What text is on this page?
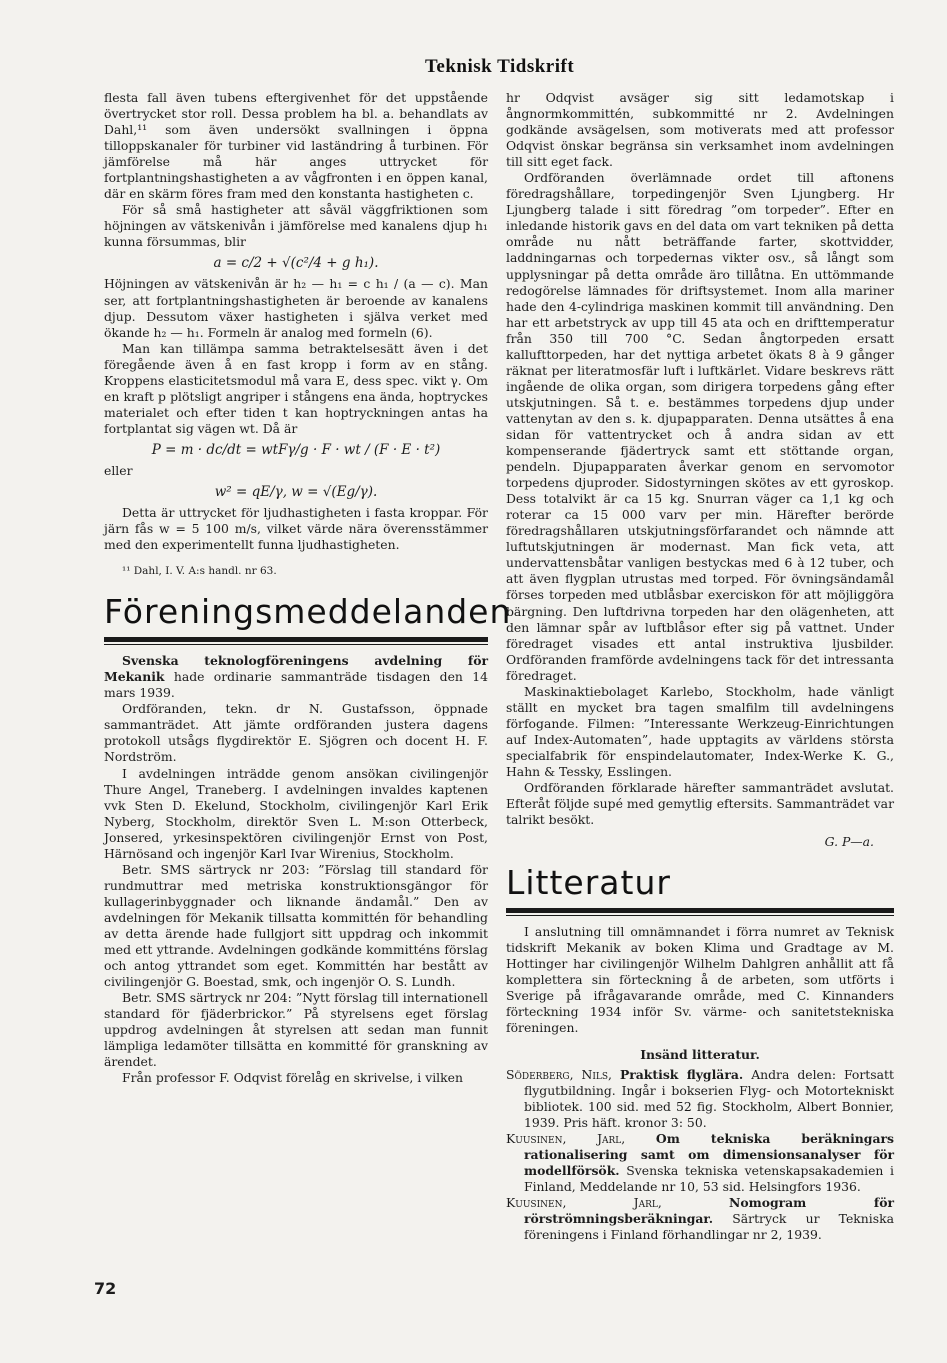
Teknisk Tidskrift

flesta fall även tubens eftergivenhet för det uppstående övertrycket stor roll. Dessa problem ha bl. a. behandlats av Dahl,¹¹ som även undersökt svallningen i öppna tilloppskanaler för turbiner vid laständring å turbinen. För jämförelse må här anges uttrycket för fortplantningshastigheten a av vågfronten i en öppen kanal, där en skärm föres fram med den konstanta hastigheten c.

För så små hastigheter att såväl väggfriktionen som höjningen av vätskenivån i jämförelse med kanalens djup h₁ kunna försummas, blir

a = c/2 + √(c²/4 + g h₁).

Höjningen av vätskenivån är h₂ — h₁ = c h₁ / (a — c). Man ser, att fortplantningshastigheten är beroende av kanalens djup. Dessutom växer hastigheten i själva verket med ökande h₂ — h₁. Formeln är analog med formeln (6).

Man kan tillämpa samma betraktelsesätt även i det föregående även å en fast kropp i form av en stång. Kroppens elasticitetsmodul må vara E, dess spec. vikt γ. Om en kraft p plötsligt angriper i stångens ena ända, hoptryckes materialet och efter tiden t kan hoptryckningen antas ha fortplantat sig vägen wt. Då är

P = m · dc/dt = wtFγ/g · F · wt / (F · E · t²)

eller

w² = qE/γ, w = √(Eg/γ).

Detta är uttrycket för ljudhastigheten i fasta kroppar. För järn fås w = 5 100 m/s, vilket värde nära överensstämmer med den experimentellt funna ljudhastigheten.

¹¹ Dahl, I. V. A:s handl. nr 63.

Föreningsmeddelanden

Svenska teknologföreningens avdelning för Mekanik hade ordinarie sammanträde tisdagen den 14 mars 1939.

Ordföranden, tekn. dr N. Gustafsson, öppnade sammanträdet. Att jämte ordföranden justera dagens protokoll utsågs flygdirektör E. Sjögren och docent H. F. Nordström.

I avdelningen inträdde genom ansökan civilingenjör Thure Angel, Traneberg. I avdelningen invaldes kaptenen vvk Sten D. Ekelund, Stockholm, civilingenjör Karl Erik Nyberg, Stockholm, direktör Sven L. M:son Otterbeck, Jonsered, yrkesinspektören civilingenjör Ernst von Post, Härnösand och ingenjör Karl Ivar Wirenius, Stockholm.

Betr. SMS särtryck nr 203: ”Förslag till standard för rundmuttrar med metriska konstruktionsgängor för kullagerinbyggnader och liknande ändamål.” Den av avdelningen för Mekanik tillsatta kommittén för behandling av detta ärende hade fullgjort sitt uppdrag och inkommit med ett yttrande. Avdelningen godkände kommitténs förslag och antog yttrandet som eget. Kommittén har bestått av civilingenjör G. Boestad, smk, och ingenjör O. S. Lundh.

Betr. SMS särtryck nr 204: ”Nytt förslag till internationell standard för fjäderbrickor.” På styrelsens eget förslag uppdrog avdelningen åt styrelsen att sedan man funnit lämpliga ledamöter tillsätta en kommitté för granskning av ärendet.

Från professor F. Odqvist förelåg en skrivelse, i vilken

hr Odqvist avsäger sig sitt ledamotskap i ångnormkommittén, subkommitté nr 2. Avdelningen godkände avsägelsen, som motiverats med att professor Odqvist önskar begränsa sin verksamhet inom avdelningen till sitt eget fack.

Ordföranden överlämnade ordet till aftonens föredragshållare, torpedingenjör Sven Ljungberg. Hr Ljungberg talade i sitt föredrag ”om torpeder”. Efter en inledande historik gavs en del data om vart tekniken på detta område nu nått beträffande farter, skottvidder, laddningarnas och torpedernas vikter osv., så långt som upplysningar på detta område äro tillåtna. En uttömmande redogörelse lämnades för driftsystemet. Inom alla mariner hade den 4-cylindriga maskinen kommit till användning. Den har ett arbetstryck av upp till 45 ata och en drifttemperatur från 350 till 700 °C. Sedan ångtorpeden ersatt kallufttorpeden, har det nyttiga arbetet ökats 8 à 9 gånger räknat per literatmosfär luft i luftkärlet. Vidare beskrevs rätt ingående de olika organ, som dirigera torpedens gång efter utskjutningen. Så t. e. bestämmes torpedens djup under vattenytan av den s. k. djupapparaten. Denna utsättes å ena sidan för vattentrycket och å andra sidan av ett kompenserande fjädertryck samt ett stöttande organ, pendeln. Djupapparaten åverkar genom en servomotor torpedens djuproder. Sidostyrningen skötes av ett gyroskop. Dess totalvikt är ca 15 kg. Snurran väger ca 1,1 kg och roterar ca 15 000 varv per min. Härefter berörde föredragshållaren utskjutningsförfarandet och nämnde att luftutskjutningen är modernast. Man fick veta, att undervattensbåtar vanligen bestyckas med 6 à 12 tuber, och att även flygplan utrustas med torped. För övningsändamål förses torpeden med utblåsbar exerciskon för att möjliggöra bärgning. Den luftdrivna torpeden har den olägenheten, att den lämnar spår av luftblåsor efter sig på vattnet. Under föredraget visades ett antal instruktiva ljusbilder. Ordföranden framförde avdelningens tack för det intressanta föredraget.

Maskinaktiebolaget Karlebo, Stockholm, hade vänligt ställt en mycket bra tagen smalfilm till avdelningens förfogande. Filmen: ”Interessante Werkzeug-Einrichtungen auf Index-Automaten”, hade upptagits av världens största specialfabrik för enspindelautomater, Index-Werke K. G., Hahn & Tessky, Esslingen.

Ordföranden förklarade härefter sammanträdet avslutat. Efteråt följde supé med gemytlig eftersits. Sammanträdet var talrikt besökt.

G. P—a.
Litteratur

I anslutning till omnämnandet i förra numret av Teknisk tidskrift Mekanik av boken Klima und Gradtage av M. Hottinger har civilingenjör Wilhelm Dahlgren anhållit att få komplettera sin förteckning å de arbeten, som utförts i Sverige på ifrågavarande område, med C. Kinnanders förteckning 1934 inför Sv. värme- och sanitetstekniska föreningen.

Insänd litteratur.

Söderberg, Nils, Praktisk flyglära. Andra delen: Fortsatt flygutbildning. Ingår i bokserien Flyg- och Motortekniskt bibliotek. 100 sid. med 52 fig. Stockholm, Albert Bonnier, 1939. Pris häft. kronor 3: 50.

Kuusinen, Jarl, Om tekniska beräkningars rationalisering samt om dimensionsanalyser för modellförsök. Svenska tekniska vetenskapsakademien i Finland, Meddelande nr 10, 53 sid. Helsingfors 1936.

Kuusinen, Jarl,	Nomogram för rörströmningsberäkningar. Särtryck ur Tekniska föreningens i Finland förhandlingar nr 2, 1939.

72
